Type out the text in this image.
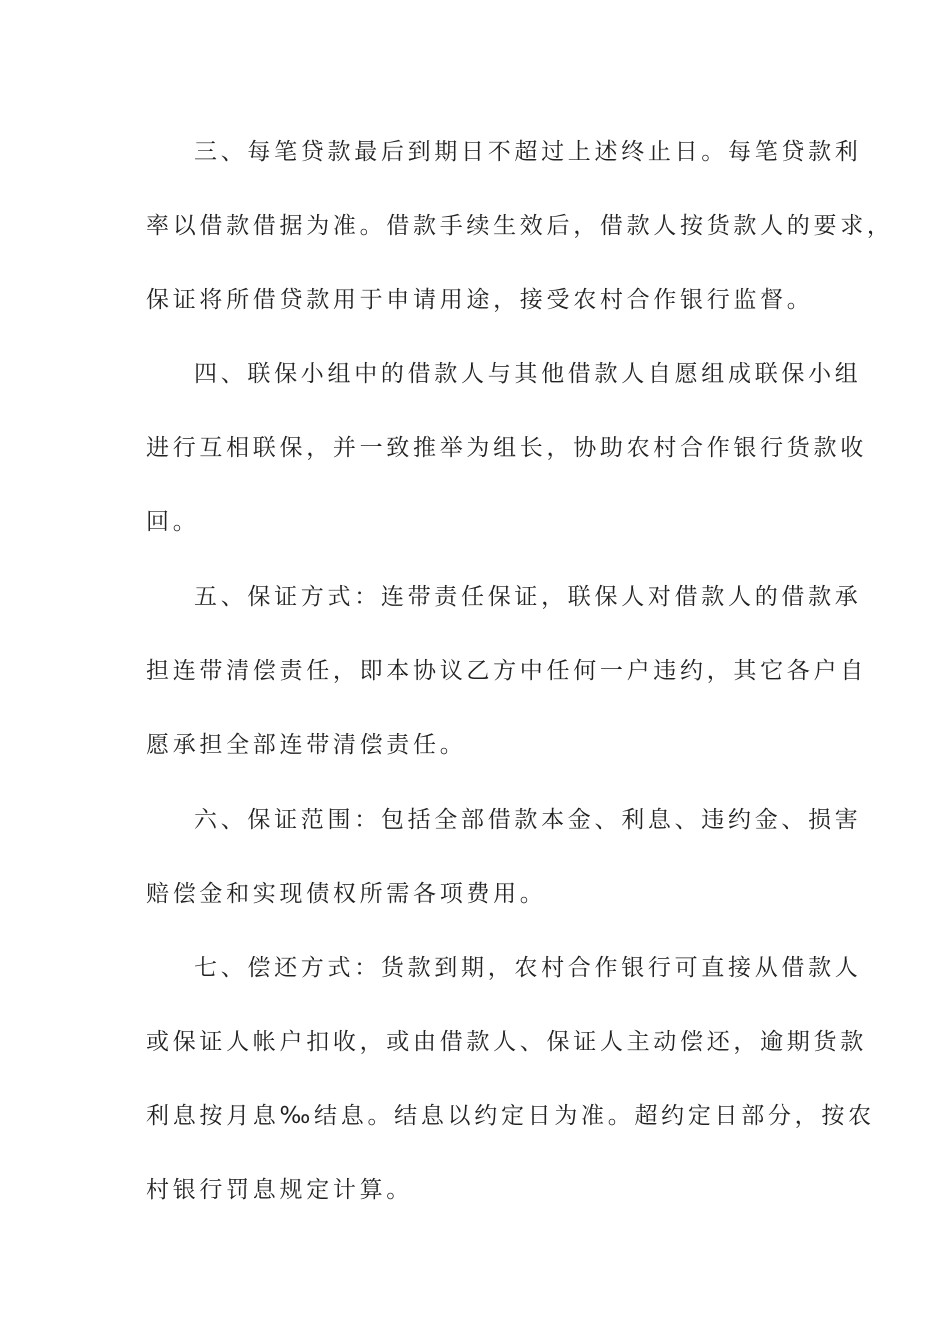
三、每笔贷款最后到期日不超过上述终止日。每笔贷款利
率以借款借据为准。借款手续生效后，借款人按货款人的要求，
保证将所借贷款用于申请用途，接受农村合作银行监督。
四、联保小组中的借款人与其他借款人自愿组成联保小组
进行互相联保，并一致推举为组长，协助农村合作银行货款收
回。
五、保证方式：连带责任保证，联保人对借款人的借款承
担连带清偿责任，即本协议乙方中任何一户违约，其它各户自
愿承担全部连带清偿责任。
六、保证范围：包括全部借款本金、利息、违约金、损害
赔偿金和实现债权所需各项费用。
七、偿还方式：货款到期，农村合作银行可直接从借款人
或保证人帐户扣收，或由借款人、保证人主动偿还，逾期货款
利息按月息‰结息。结息以约定日为准。超约定日部分，按农
村银行罚息规定计算。
